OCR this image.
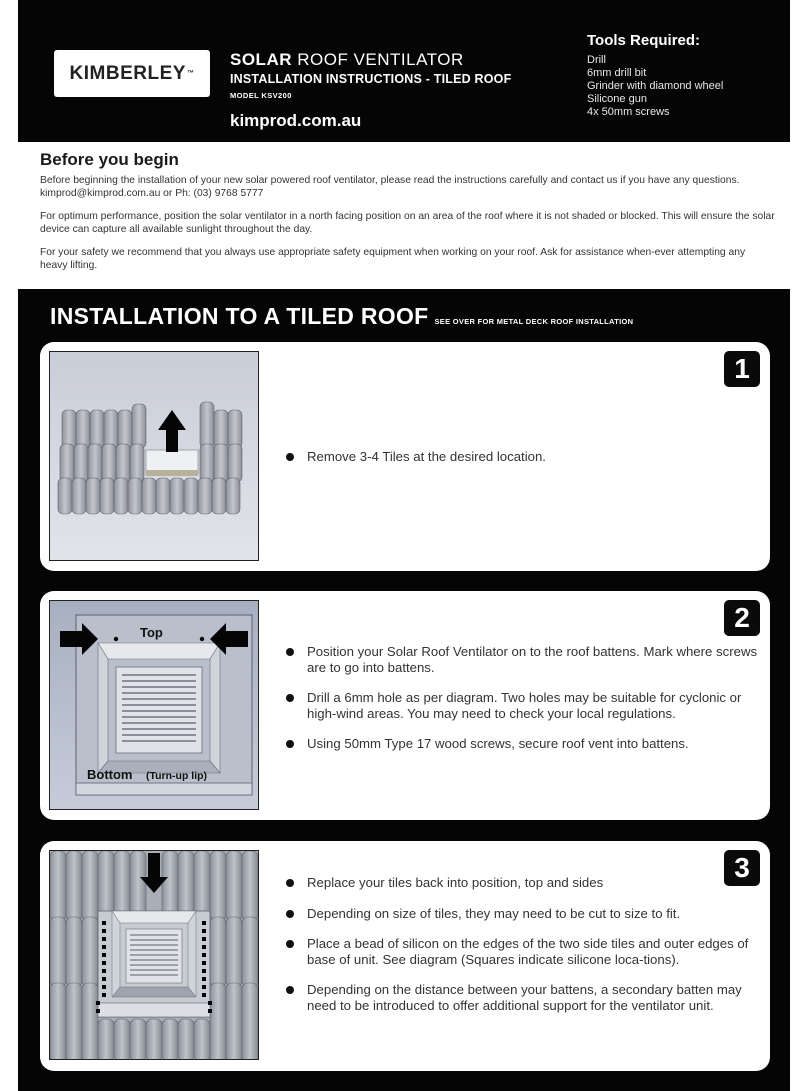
KIMBERLEY ™
SOLAR ROOF VENTILATOR
INSTALLATION INSTRUCTIONS - TILED ROOF
MODEL KSV200
kimprod.com.au
Tools Required:
Drill
6mm drill bit
Grinder with diamond wheel
Silicone gun
4x 50mm screws
Before you begin

Before beginning the installation of your new solar powered roof ventilator, please read the instructions carefully and contact us if you have any questions. kimprod@kimprod.com.au or Ph: (03) 9768 5777

For optimum performance, position the solar ventilator in a north facing position on an area of the roof where it is not shaded or blocked. This will ensure the solar device can capture all available sunlight throughout the day.

For your safety we recommend that you always use appropriate safety equipment when working on your roof. Ask for assistance when-ever attempting any heavy lifting.

INSTALLATION TO A TILED ROOF SEE OVER FOR METAL DECK ROOF INSTALLATION
1
Remove 3-4 Tiles at the desired location.
Top
Bottom (Turn-up lip)
2
Position your Solar Roof Ventilator on to the roof battens. Mark where screws are to go into battens.
Drill a 6mm hole as per diagram. Two holes may be suitable for cyclonic or high-wind areas. You may need to check your local regulations.
Using 50mm Type 17 wood screws, secure roof vent into battens.
3
Replace your tiles back into position, top and sides
Depending on size of tiles, they may need to be cut to size to fit.
Place a bead of silicon on the edges of the two side tiles and outer edges of base of unit. See diagram (Squares indicate silicone loca-tions).
Depending on the distance between your battens, a secondary batten may need to be introduced to offer additional support for the ventilator unit.
